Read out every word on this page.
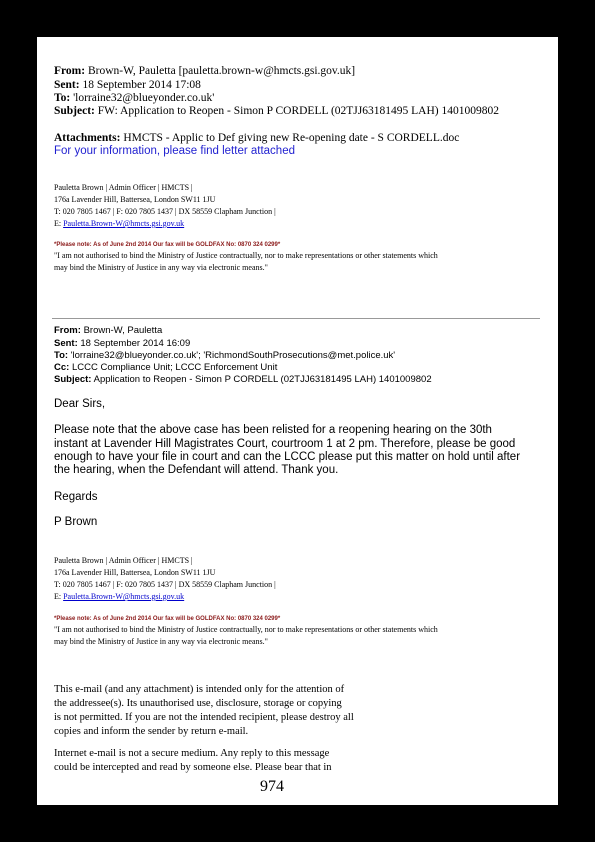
From: Brown-W, Pauletta [pauletta.brown-w@hmcts.gsi.gov.uk]
Sent: 18 September 2014 17:08
To: 'lorraine32@blueyonder.co.uk'
Subject: FW: Application to Reopen - Simon P CORDELL (02TJJ63181495 LAH) 1401009802
Attachments: HMCTS - Applic to Def giving new Re-opening date - S CORDELL.doc
For your information, please find letter attached
Pauletta Brown | Admin Officer | HMCTS |
176a Lavender Hill, Battersea, London SW11 1JU
T: 020 7805 1467 | F: 020 7805 1437 | DX 58559 Clapham Junction |
E: Pauletta.Brown-W@hmcts.gsi.gov.uk
*Please note: As of June 2nd 2014 Our fax will be GOLDFAX No: 0870 324 0299*
"I am not authorised to bind the Ministry of Justice contractually, nor to make representations or other statements which
may bind the Ministry of Justice in any way via electronic means."
From: Brown-W, Pauletta
Sent: 18 September 2014 16:09
To: 'lorraine32@blueyonder.co.uk'; 'RichmondSouthProsecutions@met.police.uk'
Cc: LCCC Compliance Unit; LCCC Enforcement Unit
Subject: Application to Reopen - Simon P CORDELL (02TJJ63181495 LAH) 1401009802
Dear Sirs,
Please note that the above case has been relisted for a reopening hearing on the 30th
instant at Lavender Hill Magistrates Court, courtroom 1 at 2 pm. Therefore, please be good
enough to have your file in court and can the LCCC please put this matter on hold until after
the hearing, when the Defendant will attend. Thank you.
Regards
P Brown
Pauletta Brown | Admin Officer | HMCTS |
176a Lavender Hill, Battersea, London SW11 1JU
T: 020 7805 1467 | F: 020 7805 1437 | DX 58559 Clapham Junction |
E: Pauletta.Brown-W@hmcts.gsi.gov.uk
*Please note: As of June 2nd 2014 Our fax will be GOLDFAX No: 0870 324 0299*
"I am not authorised to bind the Ministry of Justice contractually, nor to make representations or other statements which
may bind the Ministry of Justice in any way via electronic means."
This e-mail (and any attachment) is intended only for the attention of
the addressee(s). Its unauthorised use, disclosure, storage or copying
is not permitted. If you are not the intended recipient, please destroy all
copies and inform the sender by return e-mail.
Internet e-mail is not a secure medium. Any reply to this message
could be intercepted and read by someone else. Please bear that in
974
